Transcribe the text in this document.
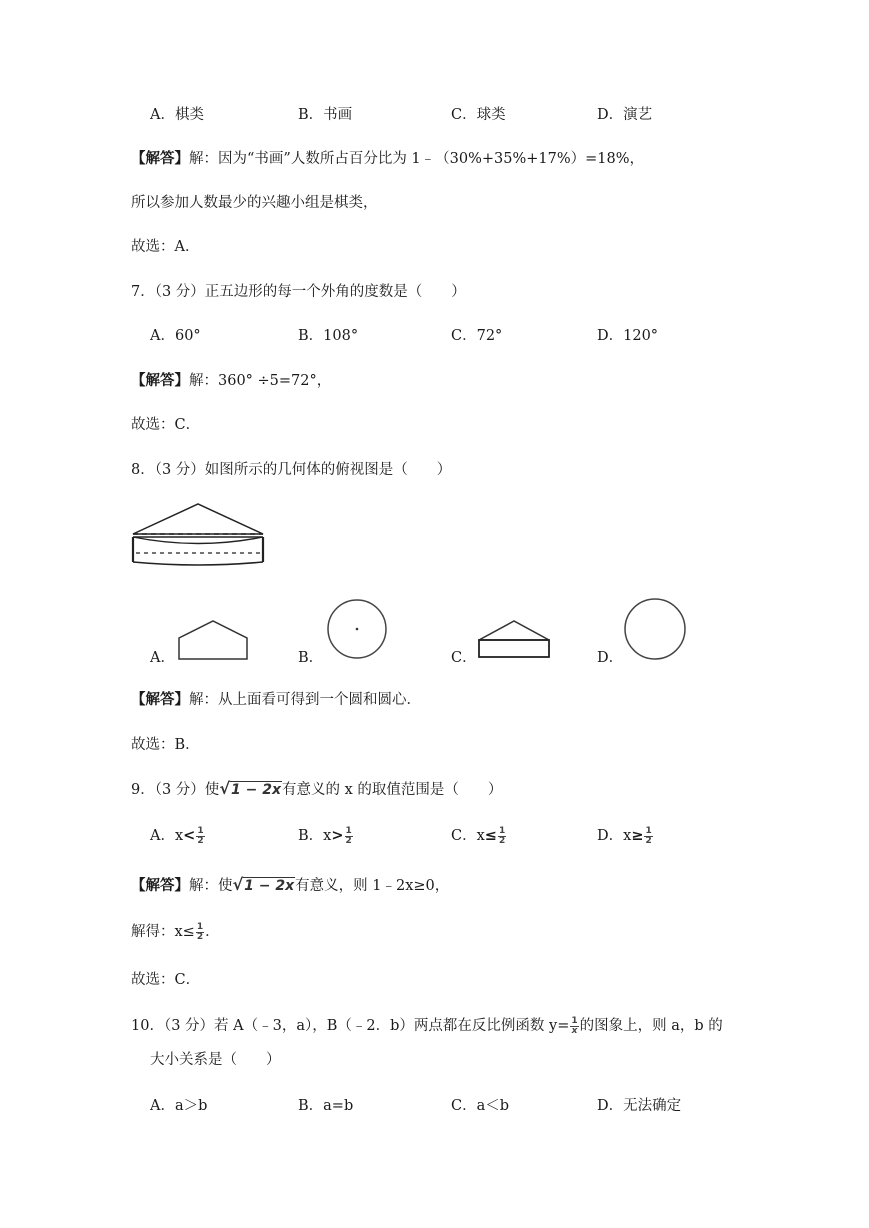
A．棋类	B．书画	C．球类	D．演艺
【解答】解：因为“书画”人数所占百分比为 1﹣（30%+35%+17%）=18%，
所以参加人数最少的兴趣小组是棋类，
故选：A．
7．（3 分）正五边形的每一个外角的度数是（　　）
A．60°	B．108°	C．72°	D．120°
【解答】解：360° ÷5=72°，
故选：C．
8．（3 分）如图所示的几何体的俯视图是（　　）
A．	B．	C．	D．
【解答】解：从上面看可得到一个圆和圆心．
故选：B．
9．（3 分）使√1 − 2x有意义的 x 的取值范围是（　　）
A．$x< \frac{1}{2}$	B．$x> \frac{1}{2}$	C．$x\le \frac{1}{2}$	D．$x\ge \frac{1}{2}$
【解答】解：使√1 − 2x有意义，则 1﹣2x≥0，
解得：$x\le \frac{1}{2}$ ．
故选：C．
10．（3 分）若 A（﹣3，a），B（﹣2．b）两点都在反比例函数 $y= \frac{1}{x}$ 的图象上，则 a，b 的
大小关系是（　　）
A．a＞b	B．a=b	C．a＜b	D．无法确定
